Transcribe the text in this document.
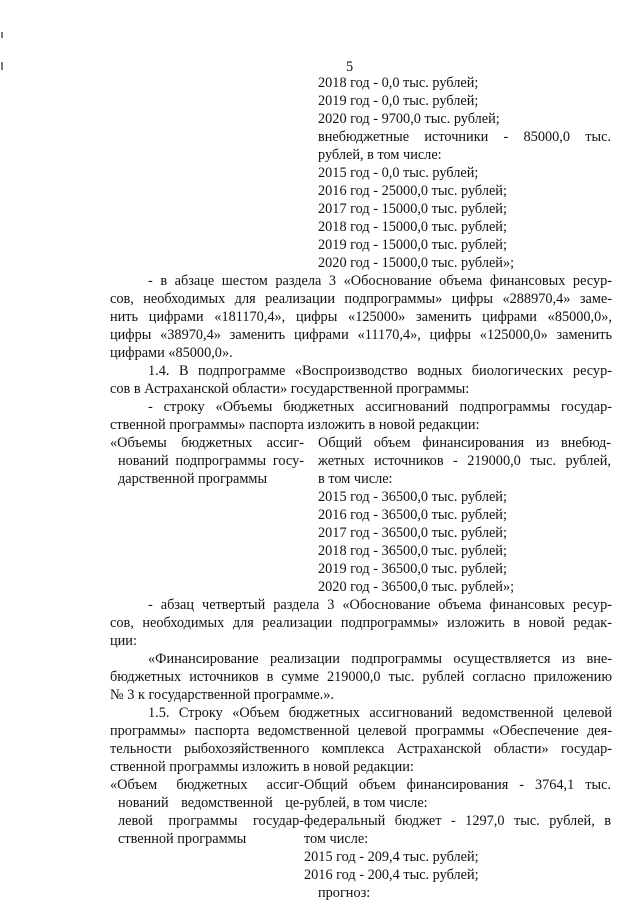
5
2018 год - 0,0 тыс. рублей;
2019 год - 0,0 тыс. рублей;
2020 год - 9700,0 тыс. рублей;
внебюджетные источники - 85000,0 тыс.
рублей, в том числе:
2015 год - 0,0 тыс. рублей;
2016 год - 25000,0 тыс. рублей;
2017 год - 15000,0 тыс. рублей;
2018 год - 15000,0 тыс. рублей;
2019 год - 15000,0 тыс. рублей;
2020 год - 15000,0 тыс. рублей»;
- в абзаце шестом раздела 3 «Обоснование объема финансовых ресур-
сов, необходимых для реализации подпрограммы» цифры «288970,4» заме-
нить цифрами «181170,4», цифры «125000» заменить цифрами «85000,0»,
цифры «38970,4» заменить цифрами «11170,4», цифры «125000,0» заменить
цифрами «85000,0».
1.4. В подпрограмме «Воспроизводство водных биологических ресур-
сов в Астраханской области» государственной программы:
- строку «Объемы бюджетных ассигнований подпрограммы государ-
ственной программы» паспорта изложить в новой редакции:
«Объемы бюджетных ассиг-
нований подпрограммы госу-
дарственной программы
Общий объем финансирования из внебюд-
жетных источников - 219000,0 тыс. рублей,
в том числе:
2015 год - 36500,0 тыс. рублей;
2016 год - 36500,0 тыс. рублей;
2017 год - 36500,0 тыс. рублей;
2018 год - 36500,0 тыс. рублей;
2019 год - 36500,0 тыс. рублей;
2020 год - 36500,0 тыс. рублей»;
- абзац четвертый раздела 3 «Обоснование объема финансовых ресур-
сов, необходимых для реализации подпрограммы» изложить в новой редак-
ции:
«Финансирование реализации подпрограммы осуществляется из вне-
бюджетных источников в сумме 219000,0 тыс. рублей согласно приложению
№ 3 к государственной программе.».
1.5. Строку «Объем бюджетных ассигнований ведомственной целевой
программы» паспорта ведомственной целевой программы «Обеспечение дея-
тельности рыбохозяйственного комплекса Астраханской области» государ-
ственной программы изложить в новой редакции:
«Объем бюджетных ассиг-
нований ведомственной це-
левой программы государ-
ственной программы
Общий объем финансирования - 3764,1 тыс.
рублей, в том числе:
федеральный бюджет - 1297,0 тыс. рублей, в
том числе:
2015 год - 209,4 тыс. рублей;
2016 год - 200,4 тыс. рублей;
прогноз:
